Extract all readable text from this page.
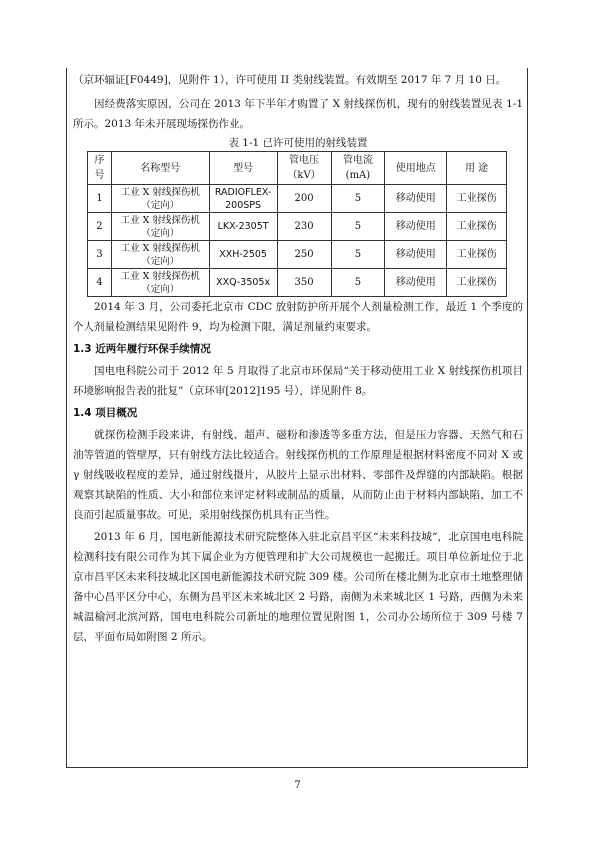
（京环辐证[F0449]，见附件 1），许可使用 II 类射线装置。有效期至 2017 年 7 月 10 日。

因经费落实原因，公司在 2013 年下半年才购置了 X 射线探伤机，现有的射线装置见表 1-1 所示。2013 年未开展现场探伤作业。

表 1-1 已许可使用的射线装置

序号	名称型号	型号	管电压（kV）	管电流(mA)	使用地点	用 途
1	工业 X 射线探伤机（定向）	RADIOFLEX-200SPS	200	5	移动使用	工业探伤
2	工业 X 射线探伤机（定向）	LKX-2305T	230	5	移动使用	工业探伤
3	工业 X 射线探伤机（定向）	XXH-2505	250	5	移动使用	工业探伤
4	工业 X 射线探伤机（定向）	XXQ-3505x	350	5	移动使用	工业探伤

2014 年 3 月，公司委托北京市 CDC 放射防护所开展个人剂量检测工作，最近 1 个季度的个人剂量检测结果见附件 9，均为检测下限，满足剂量约束要求。

1.3 近两年履行环保手续情况

国电电科院公司于 2012 年 5 月取得了北京市环保局“关于移动使用工业 X 射线探伤机项目环境影响报告表的批复”（京环审[2012]195 号），详见附件 8。

1.4 项目概况

就探伤检测手段来讲，有射线、超声、磁粉和渗透等多重方法，但是压力容器、天然气和石油等管道的管壁厚，只有射线方法比较适合。射线探伤机的工作原理是根据材料密度不同对 X 或 γ 射线吸收程度的差异，通过射线摄片，从胶片上显示出材料、零部件及焊缝的内部缺陷。根据观察其缺陷的性质、大小和部位来评定材料或制品的质量，从而防止由于材料内部缺陷，加工不良而引起质量事故。可见，采用射线探伤机具有正当性。

2013 年 6 月，国电新能源技术研究院整体入驻北京昌平区“未来科技城”，北京国电电科院检测科技有限公司作为其下属企业为方便管理和扩大公司规模也一起搬迁。项目单位新址位于北京市昌平区未来科技城北区国电新能源技术研究院 309 楼。公司所在楼北侧为北京市土地整理储备中心昌平区分中心，东侧为昌平区未来城北区 2 号路，南侧为未来城北区 1 号路，西侧为未来城温榆河北滨河路，国电电科院公司新址的地理位置见附图 1，公司办公场所位于 309 号楼 7 层，平面布局如附图 2 所示。

7
